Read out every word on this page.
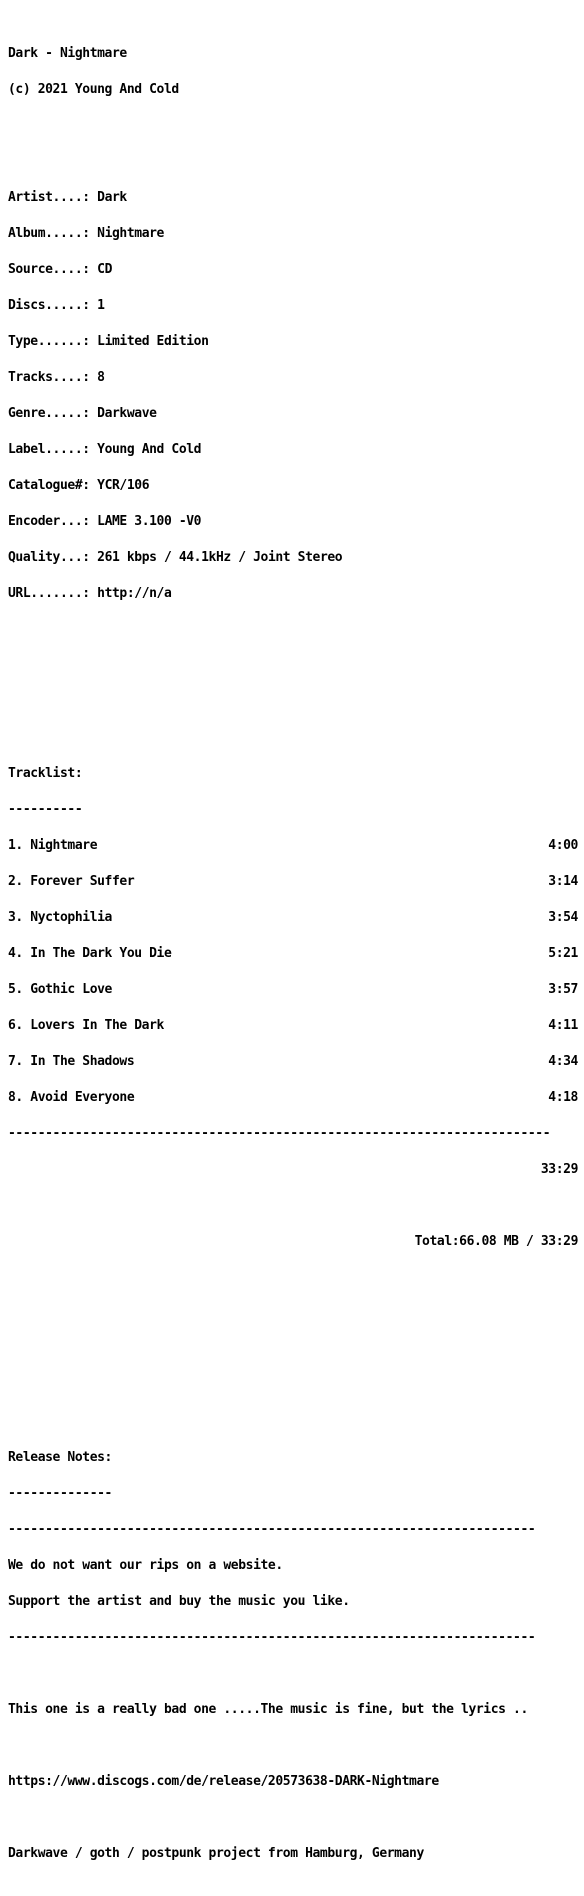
Dark - Nightmare

(c) 2021 Young And Cold

Artist....: Dark

Album.....: Nightmare

Source....: CD

Discs.....: 1

Type......: Limited Edition

Tracks....: 8

Genre.....: Darkwave

Label.....: Young And Cold

Catalogue#: YCR/106

Encoder...: LAME 3.100 -V0

Quality...: 261 kbps / 44.1kHz / Joint Stereo

URL.......: http://n/a

Tracklist:

----------

1. Nightmare	4:00

2. Forever Suffer	3:14

3. Nyctophilia	3:54

4. In The Dark You Die	5:21

5. Gothic Love	3:57

6. Lovers In The Dark	4:11

7. In The Shadows	4:34

8. Avoid Everyone	4:18

-------------------------------------------------------------------------

33:29

Total:66.08 MB / 33:29

Release Notes:

--------------

-----------------------------------------------------------------------

We do not want our rips on a website.

Support the artist and buy the music you like.

-----------------------------------------------------------------------

This one is a really bad one .....The music is fine, but the lyrics ..

https://www.discogs.com/de/release/20573638-DARK-Nightmare

Darkwave / goth / postpunk project from Hamburg, Germany
